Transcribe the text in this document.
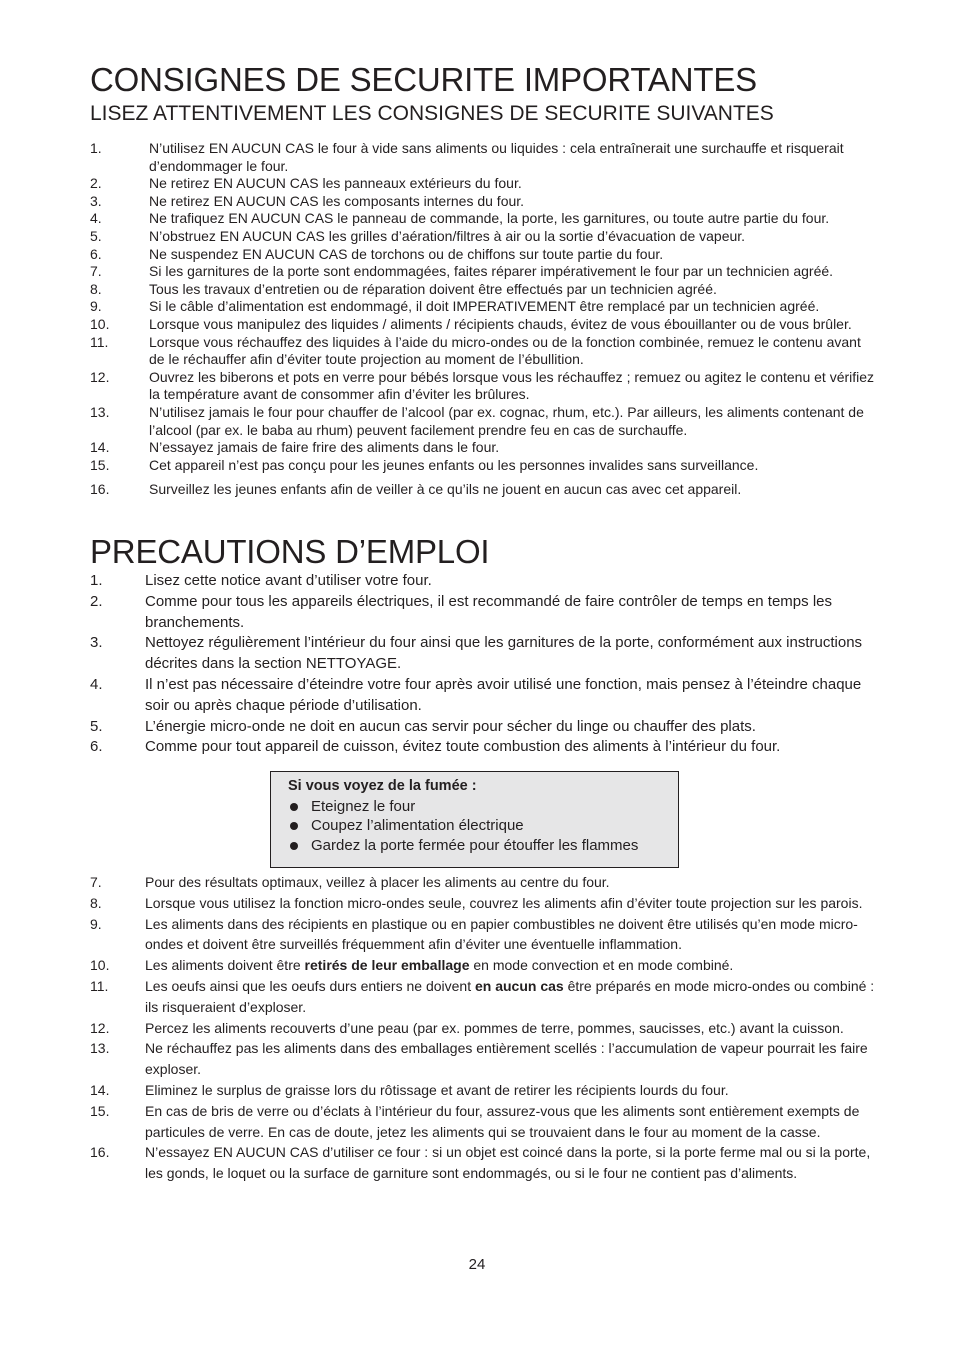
CONSIGNES DE SECURITE IMPORTANTES
LISEZ ATTENTIVEMENT LES CONSIGNES DE SECURITE SUIVANTES
1.	N’utilisez EN AUCUN CAS le four à vide sans aliments ou liquides : cela entraînerait une surchauffe et risquerait d’endommager le four.
2.	Ne retirez EN AUCUN CAS les panneaux extérieurs du four.
3.	Ne retirez EN AUCUN CAS les composants internes du four.
4.	Ne trafiquez EN AUCUN CAS le panneau de commande, la porte, les garnitures, ou toute autre partie du four.
5.	N’obstruez EN AUCUN CAS les grilles d’aération/filtres à air ou la sortie d’évacuation de vapeur.
6.	Ne suspendez EN AUCUN CAS de torchons ou de chiffons sur toute partie du four.
7.	Si les garnitures de la porte sont endommagées, faites réparer impérativement le four par un technicien agréé.
8.	Tous les travaux d’entretien ou de réparation doivent être effectués par un technicien agréé.
9.	Si le câble d’alimentation est endommagé, il doit IMPERATIVEMENT être remplacé par un technicien agréé.
10.	Lorsque vous manipulez des liquides / aliments / récipients chauds, évitez de vous ébouillanter ou de vous brûler.
11.	Lorsque vous réchauffez des liquides à l’aide du micro-ondes ou de la fonction combinée, remuez le contenu avant de le réchauffer afin d’éviter toute projection au moment de l’ébullition.
12.	Ouvrez les biberons et pots en verre pour bébés lorsque vous les réchauffez ; remuez ou agitez le contenu et vérifiez la température avant de consommer afin d’éviter les brûlures.
13.	N’utilisez jamais le four pour chauffer de l’alcool (par ex. cognac, rhum, etc.). Par ailleurs, les aliments contenant de l’alcool (par ex. le baba au rhum) peuvent facilement prendre feu en cas de surchauffe.
14.	N’essayez jamais de faire frire des aliments dans le four.
15.	Cet appareil n’est pas conçu pour les jeunes enfants ou les personnes invalides sans surveillance.
16.	Surveillez les jeunes enfants afin de veiller à ce qu’ils ne jouent en aucun cas avec cet appareil.
PRECAUTIONS D’EMPLOI
1.	Lisez cette notice avant d’utiliser votre four.
2.	Comme pour tous les appareils électriques, il est recommandé de faire contrôler de temps en temps les branchements.
3.	Nettoyez régulièrement l’intérieur du four ainsi que les garnitures de la porte, conformément aux instructions décrites dans la section NETTOYAGE.
4.	Il n’est pas nécessaire d’éteindre votre four après avoir utilisé une fonction, mais pensez à l’éteindre chaque soir ou après chaque période d’utilisation.
5.	L’énergie micro-onde ne doit en aucun cas servir pour sécher du linge ou chauffer des plats.
6.	Comme pour tout appareil de cuisson, évitez toute combustion des aliments à l’intérieur du four.
Si vous voyez de la fumée :
Eteignez le four
Coupez l’alimentation électrique
Gardez la porte fermée pour étouffer les flammes
7.	Pour des résultats optimaux, veillez à placer les aliments au centre du four.
8.	Lorsque vous utilisez la fonction micro-ondes seule, couvrez les aliments afin d’éviter toute projection sur les parois.
9.	Les aliments dans des récipients en plastique ou en papier combustibles ne doivent être utilisés qu’en mode micro-ondes et doivent être surveillés fréquemment afin d’éviter une éventuelle inflammation.
10.	Les aliments doivent être retirés de leur emballage en mode convection et en mode combiné.
11.	Les oeufs ainsi que les oeufs durs entiers ne doivent en aucun cas être préparés en mode micro-ondes ou combiné : ils risqueraient d’exploser.
12.	Percez les aliments recouverts d’une peau (par ex. pommes de terre, pommes, saucisses, etc.) avant la cuisson.
13.	Ne réchauffez pas les aliments dans des emballages entièrement scellés : l’accumulation de vapeur pourrait les faire exploser.
14.	Eliminez le surplus de graisse lors du rôtissage et avant de retirer les récipients lourds du four.
15.	En cas de bris de verre ou d’éclats à l’intérieur du four, assurez-vous que les aliments sont entièrement exempts de particules de verre. En cas de doute, jetez les aliments qui se trouvaient dans le four au moment de la casse.
16.	N’essayez EN AUCUN CAS d’utiliser ce four : si un objet est coincé dans la porte, si la porte ferme mal ou si la porte, les gonds, le loquet ou la surface de garniture sont endommagés, ou si le four ne contient pas d’aliments.
24
